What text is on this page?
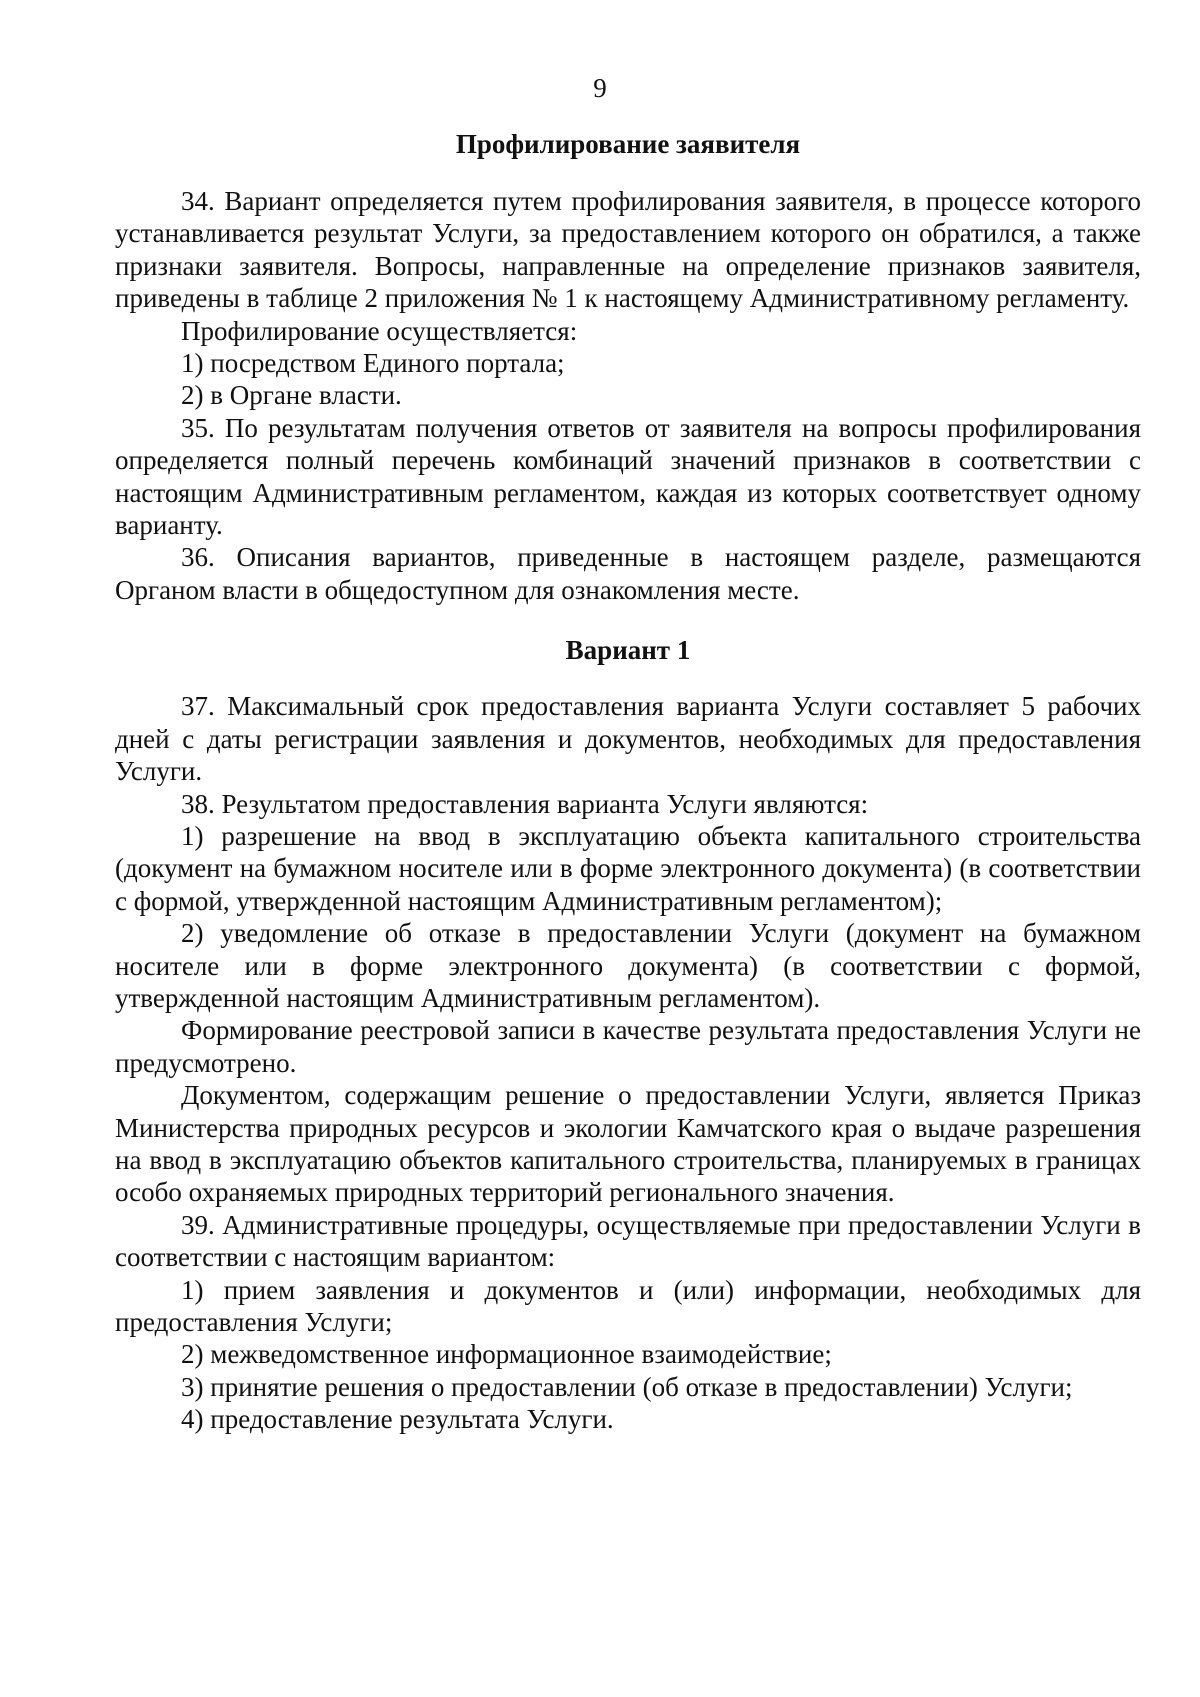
9
Профилирование заявителя

34. Вариант определяется путем профилирования заявителя, в процессе которого устанавливается результат Услуги, за предоставлением которого он обратился, а также признаки заявителя. Вопросы, направленные на определение признаков заявителя, приведены в таблице 2 приложения № 1 к настоящему Административному регламенту.

Профилирование осуществляется:

1) посредством Единого портала;

2) в Органе власти.

35. По результатам получения ответов от заявителя на вопросы профилирования определяется полный перечень комбинаций значений признаков в соответствии с настоящим Административным регламентом, каждая из которых соответствует одному варианту.

36. Описания вариантов, приведенные в настоящем разделе, размещаются Органом власти в общедоступном для ознакомления месте.

Вариант 1

37. Максимальный срок предоставления варианта Услуги составляет 5 рабочих дней с даты регистрации заявления и документов, необходимых для предоставления Услуги.

38. Результатом предоставления варианта Услуги являются:

1) разрешение на ввод в эксплуатацию объекта капитального строительства (документ на бумажном носителе или в форме электронного документа) (в соответствии с формой, утвержденной настоящим Административным регламентом);

2) уведомление об отказе в предоставлении Услуги (документ на бумажном носителе или в форме электронного документа) (в соответствии с формой, утвержденной настоящим Административным регламентом).

Формирование реестровой записи в качестве результата предоставления Услуги не предусмотрено.

Документом, содержащим решение о предоставлении Услуги, является Приказ Министерства природных ресурсов и экологии Камчатского края о выдаче разрешения на ввод в эксплуатацию объектов капитального строительства, планируемых в границах особо охраняемых природных территорий регионального значения.

39. Административные процедуры, осуществляемые при предоставлении Услуги в соответствии с настоящим вариантом:

1) прием заявления и документов и (или) информации, необходимых для предоставления Услуги;

2) межведомственное информационное взаимодействие;

3) принятие решения о предоставлении (об отказе в предоставлении) Услуги;

4) предоставление результата Услуги.
